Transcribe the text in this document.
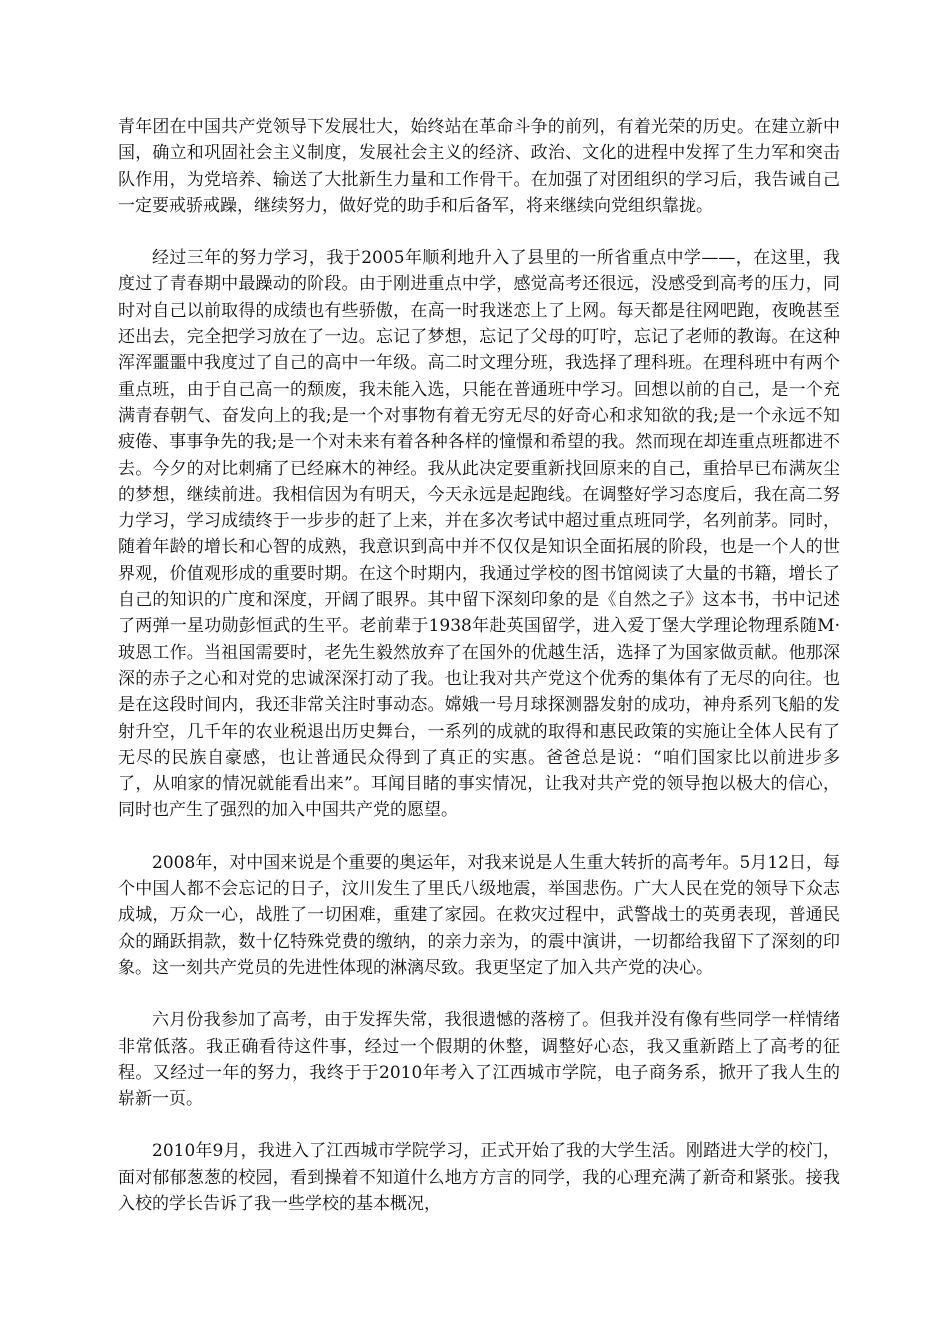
青年团在中国共产党领导下发展壮大，始终站在革命斗争的前列，有着光荣的历史。在建立新中国，确立和巩固社会主义制度，发展社会主义的经济、政治、文化的进程中发挥了生力军和突击队作用，为党培养、输送了大批新生力量和工作骨干。在加强了对团组织的学习后，我告诫自己一定要戒骄戒躁，继续努力，做好党的助手和后备军，将来继续向党组织靠拢。

经过三年的努力学习，我于2005年顺利地升入了县里的一所省重点中学——，在这里，我度过了青春期中最躁动的阶段。由于刚进重点中学，感觉高考还很远，没感受到高考的压力，同时对自己以前取得的成绩也有些骄傲，在高一时我迷恋上了上网。每天都是往网吧跑，夜晚甚至还出去，完全把学习放在了一边。忘记了梦想，忘记了父母的叮咛，忘记了老师的教诲。在这种浑浑噩噩中我度过了自己的高中一年级。高二时文理分班，我选择了理科班。在理科班中有两个重点班，由于自己高一的颓废，我未能入选，只能在普通班中学习。回想以前的自己，是一个充满青春朝气、奋发向上的我;是一个对事物有着无穷无尽的好奇心和求知欲的我;是一个永远不知疲倦、事事争先的我;是一个对未来有着各种各样的憧憬和希望的我。然而现在却连重点班都进不去。今夕的对比刺痛了已经麻木的神经。我从此决定要重新找回原来的自己，重拾早已布满灰尘的梦想，继续前进。我相信因为有明天，今天永远是起跑线。在调整好学习态度后，我在高二努力学习，学习成绩终于一步步的赶了上来，并在多次考试中超过重点班同学，名列前茅。同时，随着年龄的增长和心智的成熟，我意识到高中并不仅仅是知识全面拓展的阶段，也是一个人的世界观，价值观形成的重要时期。在这个时期内，我通过学校的图书馆阅读了大量的书籍，增长了自己的知识的广度和深度，开阔了眼界。其中留下深刻印象的是《自然之子》这本书，书中记述了两弹一星功勋彭恒武的生平。老前辈于1938年赴英国留学，进入爱丁堡大学理论物理系随M·玻恩工作。当祖国需要时，老先生毅然放弃了在国外的优越生活，选择了为国家做贡献。他那深深的赤子之心和对党的忠诚深深打动了我。也让我对共产党这个优秀的集体有了无尽的向往。也是在这段时间内，我还非常关注时事动态。嫦娥一号月球探测器发射的成功，神舟系列飞船的发射升空，几千年的农业税退出历史舞台，一系列的成就的取得和惠民政策的实施让全体人民有了无尽的民族自豪感，也让普通民众得到了真正的实惠。爸爸总是说：“咱们国家比以前进步多了，从咱家的情况就能看出来”。耳闻目睹的事实情况，让我对共产党的领导抱以极大的信心，同时也产生了强烈的加入中国共产党的愿望。

2008年，对中国来说是个重要的奥运年，对我来说是人生重大转折的高考年。5月12日，每个中国人都不会忘记的日子，汶川发生了里氏八级地震，举国悲伤。广大人民在党的领导下众志成城，万众一心，战胜了一切困难，重建了家园。在救灾过程中，武警战士的英勇表现，普通民众的踊跃捐款，数十亿特殊党费的缴纳，的亲力亲为，的震中演讲，一切都给我留下了深刻的印象。这一刻共产党员的先进性体现的淋漓尽致。我更坚定了加入共产党的决心。

六月份我参加了高考，由于发挥失常，我很遗憾的落榜了。但我并没有像有些同学一样情绪非常低落。我正确看待这件事，经过一个假期的休整，调整好心态，我又重新踏上了高考的征程。又经过一年的努力，我终于于2010年考入了江西城市学院，电子商务系，掀开了我人生的崭新一页。

2010年9月，我进入了江西城市学院学习，正式开始了我的大学生活。刚踏进大学的校门，面对郁郁葱葱的校园，看到操着不知道什么地方方言的同学，我的心理充满了新奇和紧张。接我入校的学长告诉了我一些学校的基本概况，
